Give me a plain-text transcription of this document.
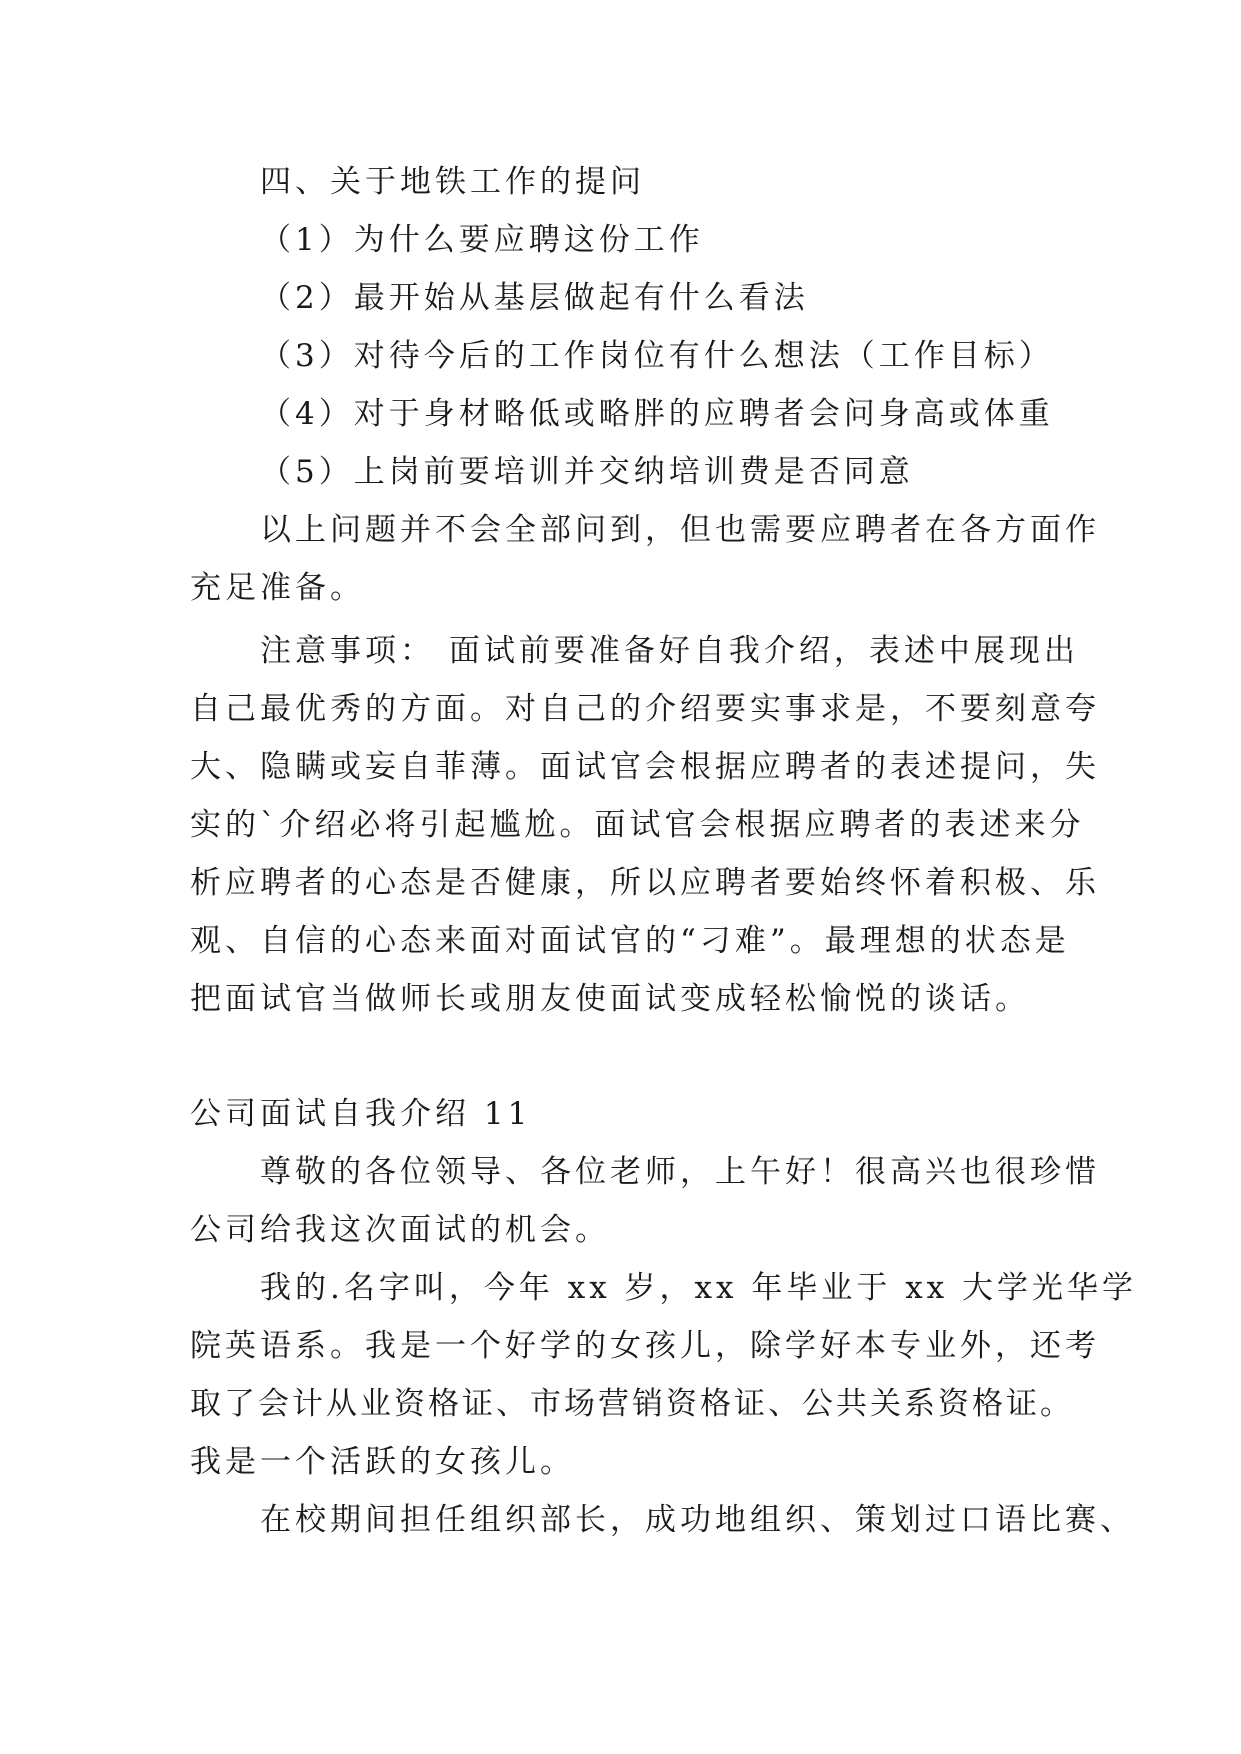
四、关于地铁工作的提问

（1）为什么要应聘这份工作

（2）最开始从基层做起有什么看法

（3）对待今后的工作岗位有什么想法（工作目标）

（4）对于身材略低或略胖的应聘者会问身高或体重

（5）上岗前要培训并交纳培训费是否同意

以上问题并不会全部问到，但也需要应聘者在各方面作

充足准备。

注意事项： 面试前要准备好自我介绍，表述中展现出

自己最优秀的方面。对自己的介绍要实事求是，不要刻意夸

大、隐瞒或妄自菲薄。面试官会根据应聘者的表述提问，失

实的`介绍必将引起尴尬。面试官会根据应聘者的表述来分

析应聘者的心态是否健康，所以应聘者要始终怀着积极、乐

观、自信的心态来面对面试官的“刁难”。最理想的状态是

把面试官当做师长或朋友使面试变成轻松愉悦的谈话。

公司面试自我介绍 11

尊敬的各位领导、各位老师，上午好！很高兴也很珍惜

公司给我这次面试的机会。

我的.名字叫，今年 xx 岁，xx 年毕业于 xx 大学光华学

院英语系。我是一个好学的女孩儿，除学好本专业外，还考

取了会计从业资格证、市场营销资格证、公共关系资格证。

我是一个活跃的女孩儿。

在校期间担任组织部长，成功地组织、策划过口语比赛、
